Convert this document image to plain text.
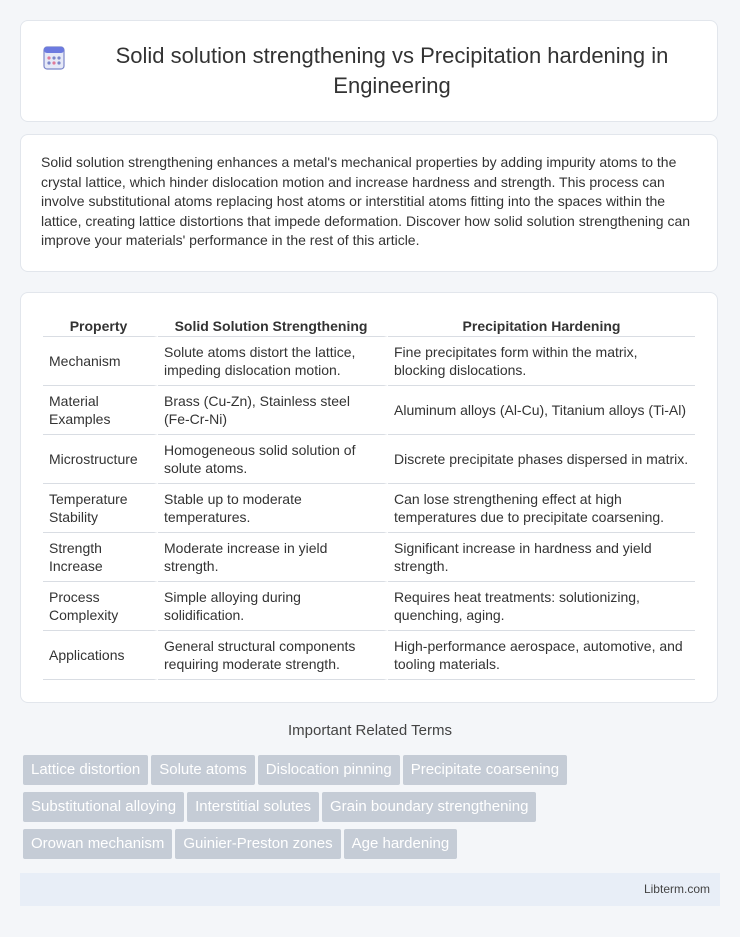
Solid solution strengthening vs Precipitation hardening in Engineering

Solid solution strengthening enhances a metal's mechanical properties by adding impurity atoms to the crystal lattice, which hinder dislocation motion and increase hardness and strength. This process can involve substitutional atoms replacing host atoms or interstitial atoms fitting into the spaces within the lattice, creating lattice distortions that impede deformation. Discover how solid solution strengthening can improve your materials' performance in the rest of this article.

Property	Solid Solution Strengthening	Precipitation Hardening
Mechanism	Solute atoms distort the lattice, impeding dislocation motion.	Fine precipitates form within the matrix, blocking dislocations.
Material Examples	Brass (Cu-Zn), Stainless steel (Fe-Cr-Ni)	Aluminum alloys (Al-Cu), Titanium alloys (Ti-Al)
Microstructure	Homogeneous solid solution of solute atoms.	Discrete precipitate phases dispersed in matrix.
Temperature Stability	Stable up to moderate temperatures.	Can lose strengthening effect at high temperatures due to precipitate coarsening.
Strength Increase	Moderate increase in yield strength.	Significant increase in hardness and yield strength.
Process Complexity	Simple alloying during solidification.	Requires heat treatments: solutionizing, quenching, aging.
Applications	General structural components requiring moderate strength.	High-performance aerospace, automotive, and tooling materials.
Important Related Terms
Lattice distortion Solute atoms Dislocation pinning Precipitate coarsening
Substitutional alloying Interstitial solutes Grain boundary strengthening
Orowan mechanism Guinier-Preston zones Age hardening
Libterm.com
